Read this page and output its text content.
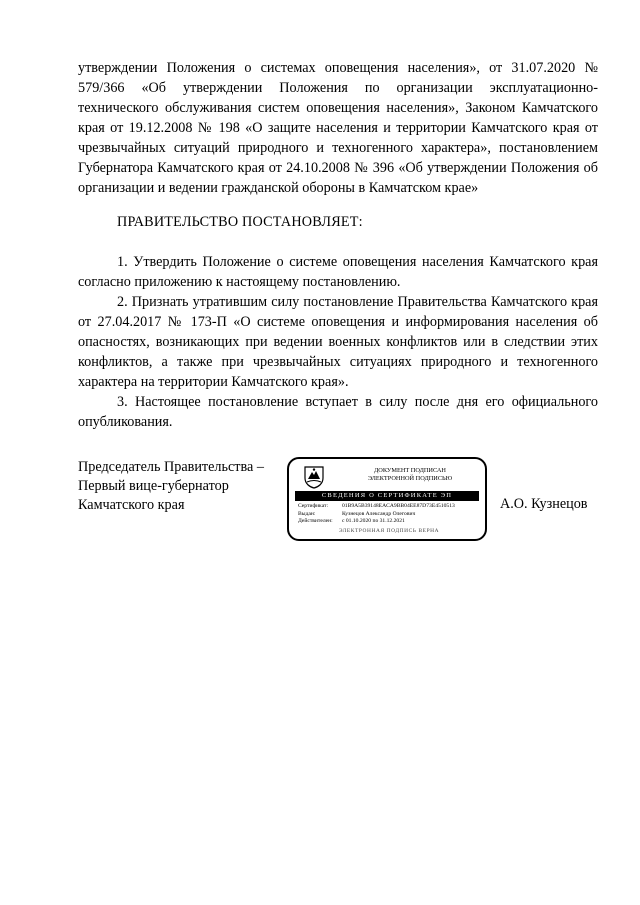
утверждении Положения о системах оповещения населения», от 31.07.2020 № 579/366 «Об утверждении Положения по организации эксплуатационно-технического обслуживания систем оповещения населения», Законом Камчатского края от 19.12.2008 № 198 «О защите населения и территории Камчатского края от чрезвычайных ситуаций природного и техногенного характера», постановлением Губернатора Камчатского края от 24.10.2008 № 396 «Об утверждении Положения об организации и ведении гражданской обороны в Камчатском крае»

ПРАВИТЕЛЬСТВО ПОСТАНОВЛЯЕТ:

1. Утвердить Положение о системе оповещения населения Камчатского края согласно приложению к настоящему постановлению.

2. Признать утратившим силу постановление Правительства Камчатского края от 27.04.2017 № 173-П «О системе оповещения и информирования населения об опасностях, возникающих при ведении военных конфликтов или в следствии этих конфликтов, а также при чрезвычайных ситуациях природного и техногенного характера на территории Камчатского края».

3. Настоящее постановление вступает в силу после дня его официального опубликования.

Председатель Правительства –
Первый вице-губернатор
Камчатского края
ДОКУМЕНТ ПОДПИСАН
ЭЛЕКТРОННОЙ ПОДПИСЬЮ
СВЕДЕНИЯ О СЕРТИФИКАТЕ ЭП
Сертификат:	01B9A5B39148EACA9BB04EE87D73E4510513
Выдан:	Кузнецов Александр Олегович
Действителен:	с 01.10.2020 по 31.12.2021
ЭЛЕКТРОННАЯ ПОДПИСЬ ВЕРНА
А.О. Кузнецов
